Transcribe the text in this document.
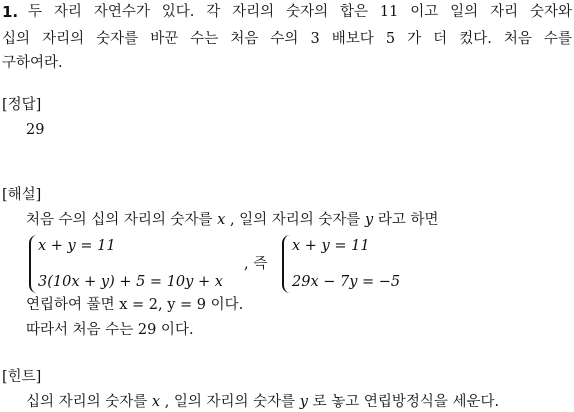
1. 두 자리 자연수가 있다. 각 자리의 숫자의 합은 11 이고 일의 자리 숫자와
십의 자리의 숫자를 바꾼 수는 처음 수의 3 배보다 5 가 더 컸다. 처음 수를
구하여라.
[정답]
29
[해설]
처음 수의 십의 자리의 숫자를 x , 일의 자리의 숫자를 y 라고 하면
x + y = 11
3(10x + y) + 5 = 10y + x
, 즉
x + y = 11
29x − 7y = −5
연립하여 풀면 x = 2, y = 9 이다.
따라서 처음 수는 29 이다.
[힌트]
십의 자리의 숫자를 x , 일의 자리의 숫자를 y 로 놓고 연립방정식을 세운다.
